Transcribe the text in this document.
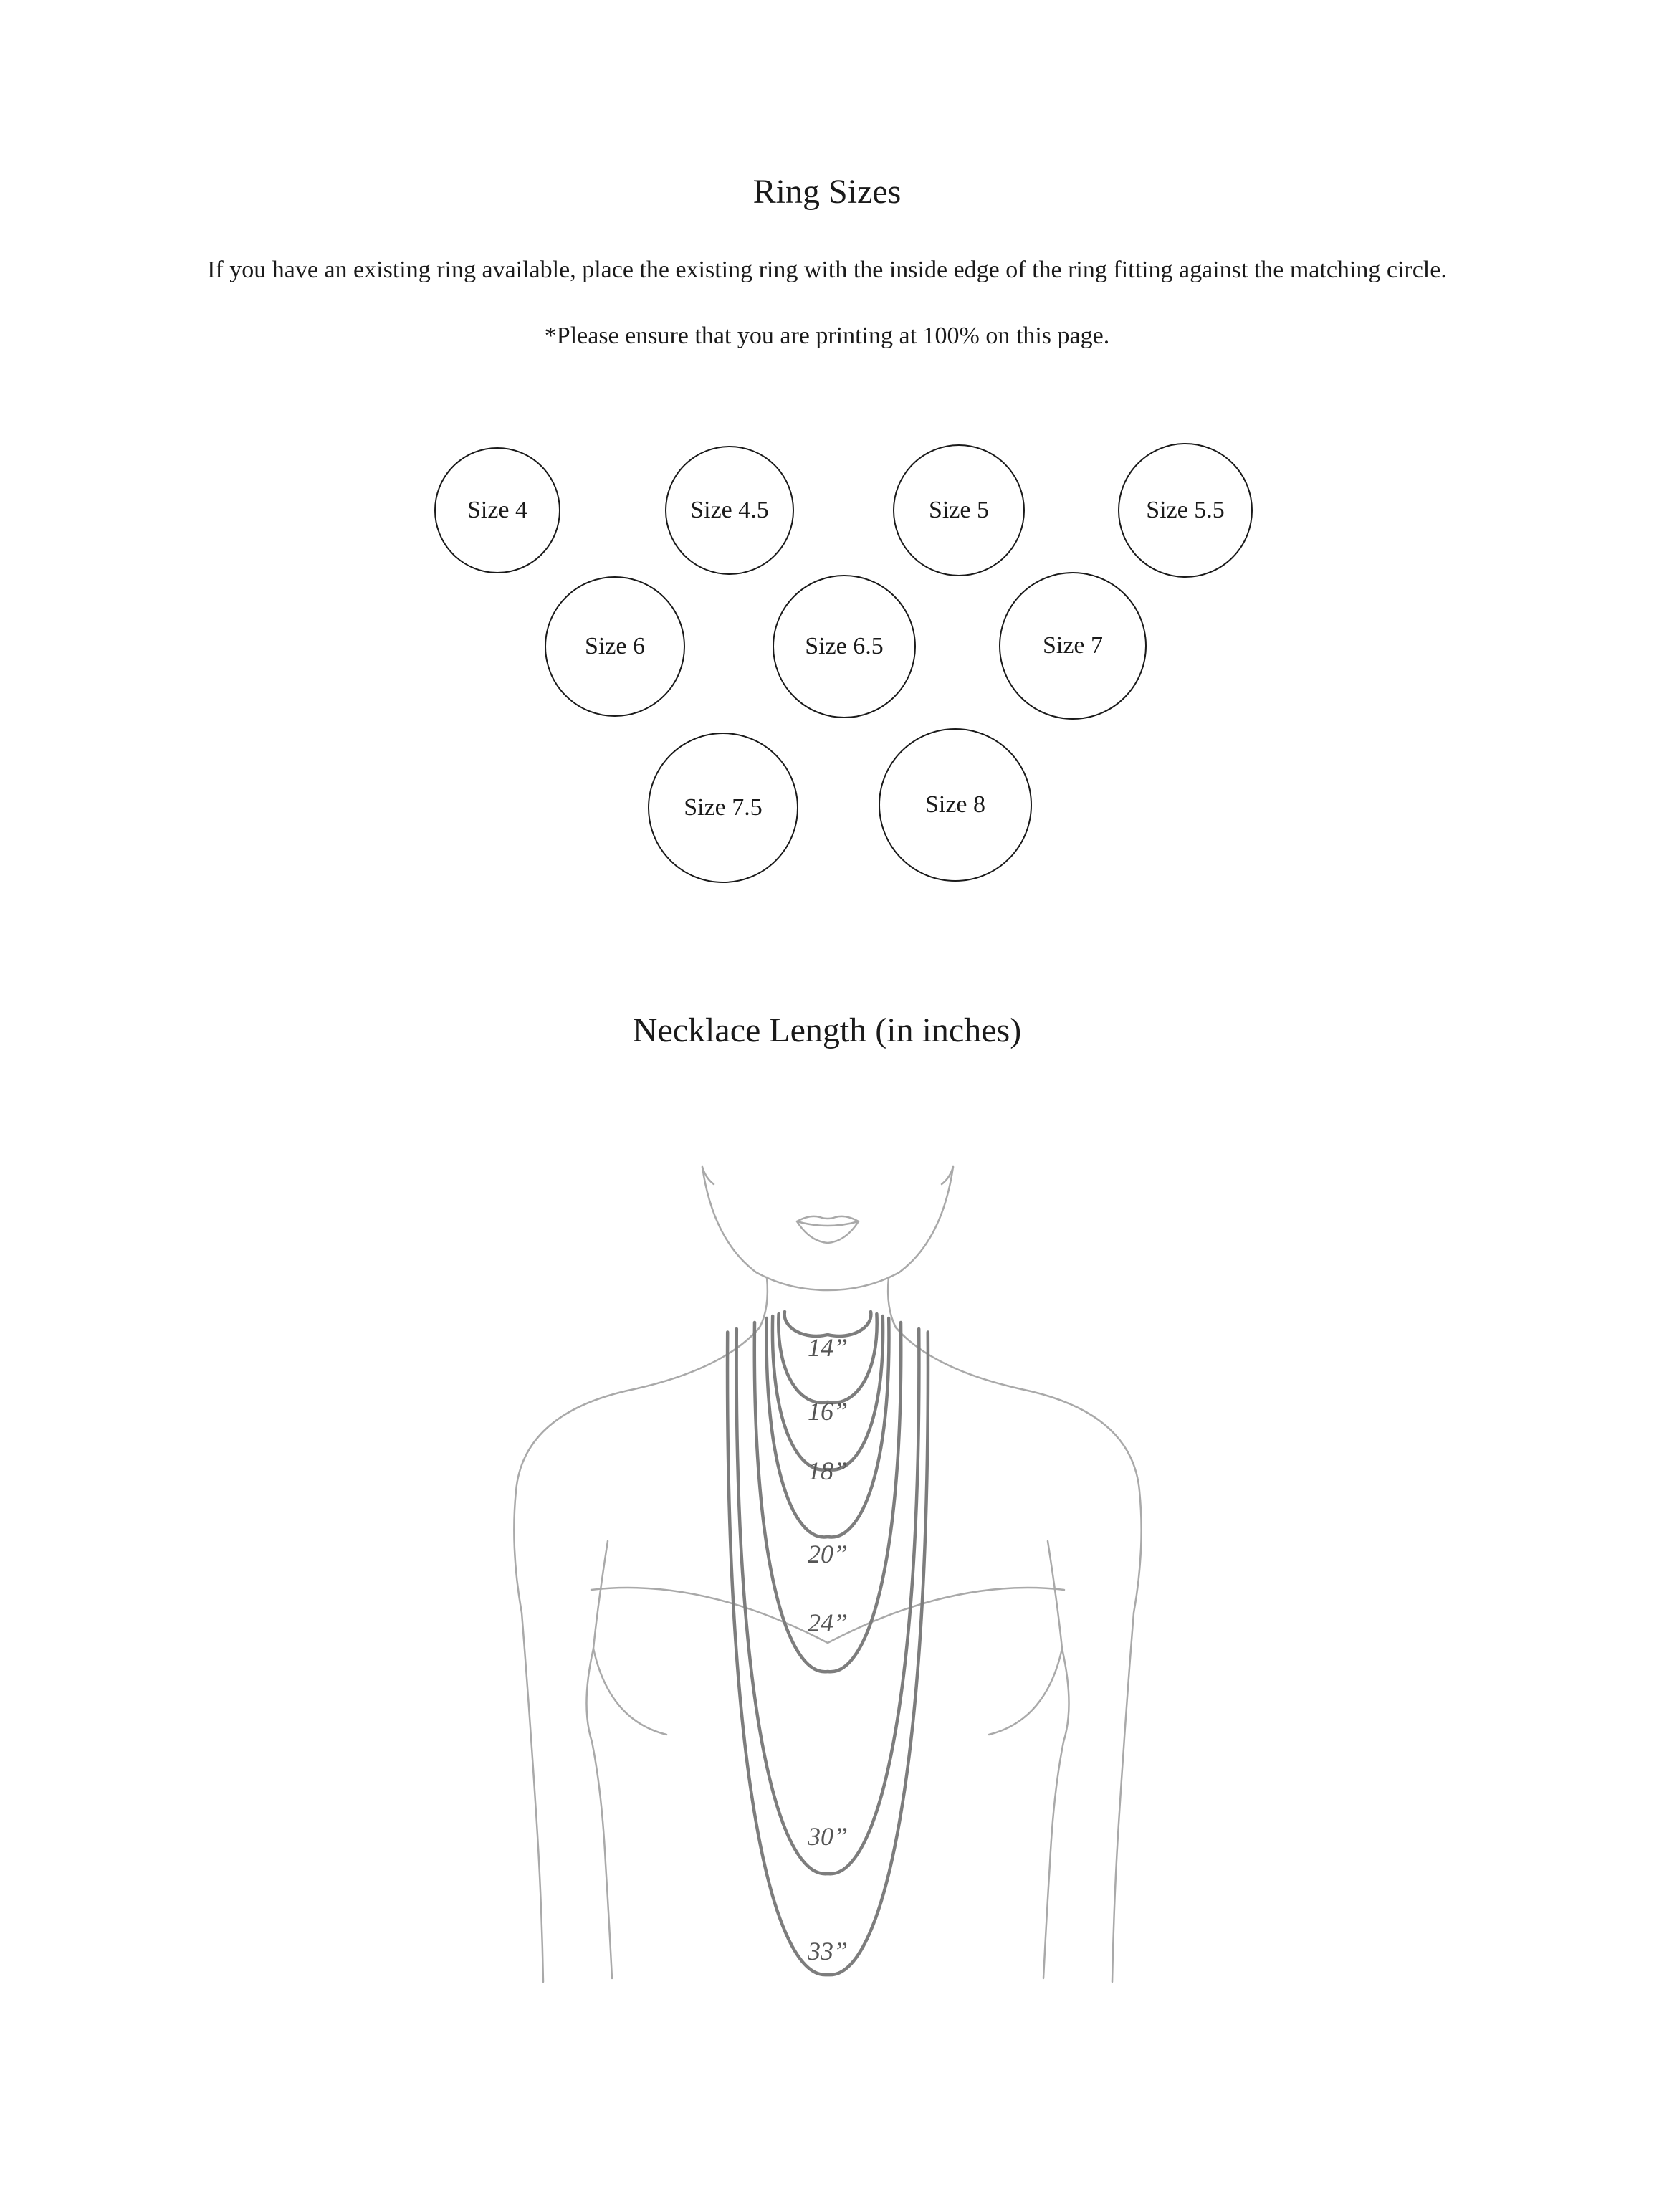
Ring Sizes

If you have an existing ring available, place the existing ring with the inside edge of the ring fitting against the matching circle.

*Please ensure that you are printing at 100% on this page.

Size 4	Size 4.5	Size 5	Size 5.5
Size 6	Size 6.5	Size 7
Size 7.5	Size 8
Necklace Length (in inches)
14”
16”
18”
20”
24”
30”
33”
